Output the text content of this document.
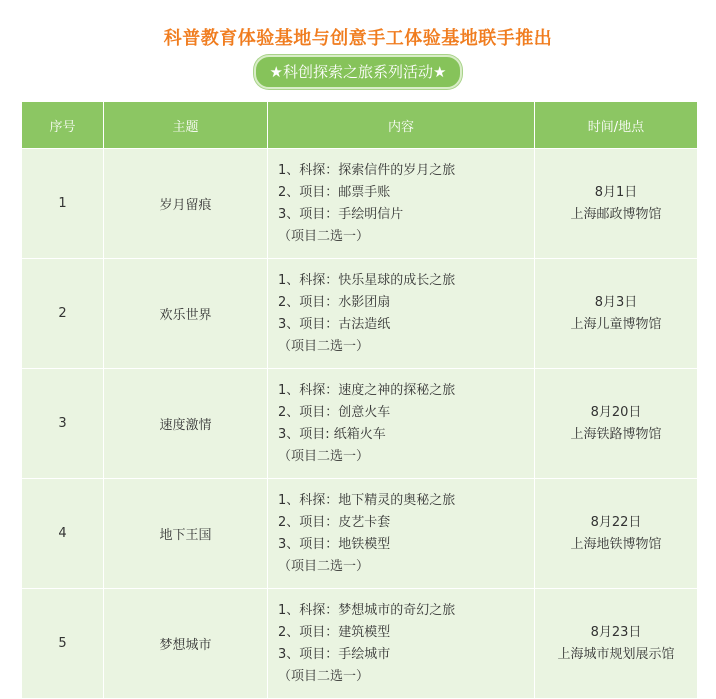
科普教育体验基地与创意手工体验基地联手推出
★科创探索之旅系列活动★
序号	主题	内容	时间/地点
1	岁月留痕	1、科探：探索信件的岁月之旅
2、项目：邮票手账
3、项目：手绘明信片
（项目二选一）	8月1日
上海邮政博物馆

2	欢乐世界	1、科探：快乐星球的成长之旅
2、项目：水影团扇
3、项目：古法造纸
（项目二选一）	8月3日
上海儿童博物馆

3	速度激情	1、科探：速度之神的探秘之旅
2、项目：创意火车
3、项目: 纸箱火车
（项目二选一）	8月20日
上海铁路博物馆

4	地下王国	1、科探：地下精灵的奥秘之旅
2、项目：皮艺卡套
3、项目：地铁模型
（项目二选一）	8月22日
上海地铁博物馆

5	梦想城市	1、科探：梦想城市的奇幻之旅
2、项目：建筑模型
3、项目：手绘城市
（项目二选一）	8月23日
上海城市规划展示馆
